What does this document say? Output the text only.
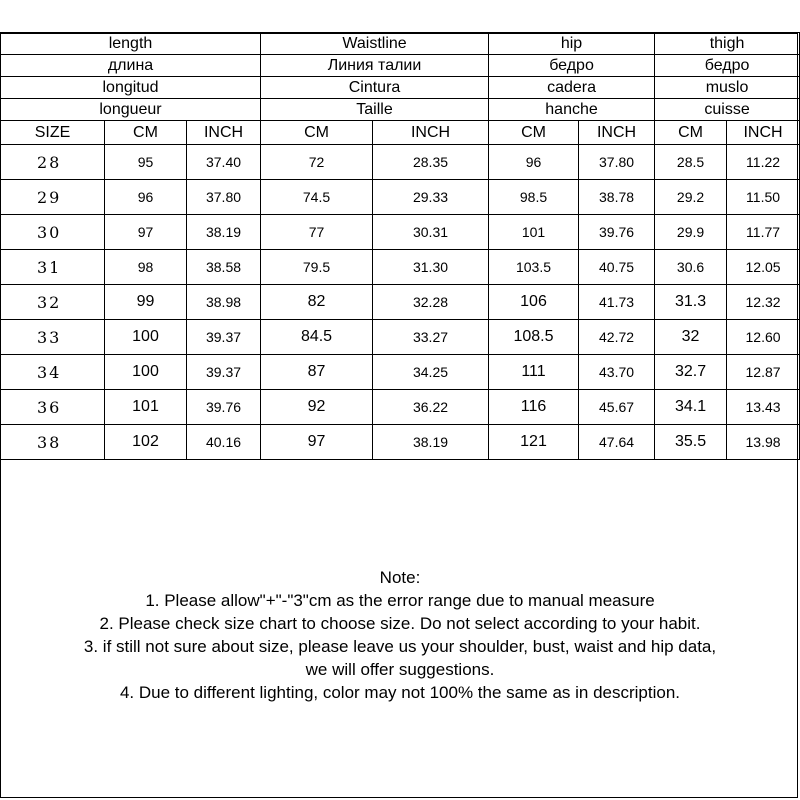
length			Waistline		hip		thigh	
длина			Линия талии		бедро		бедро	
longitud			Cintura		cadera		muslo	
longueur			Taille		hanche		cuisse	
SIZE	CM	INCH	CM	INCH	CM	INCH	CM	INCH
28	95	37.40	72	28.35	96	37.80	28.5	11.22
29	96	37.80	74.5	29.33	98.5	38.78	29.2	11.50
30	97	38.19	77	30.31	101	39.76	29.9	11.77
31	98	38.58	79.5	31.30	103.5	40.75	30.6	12.05
32	99	38.98	82	32.28	106	41.73	31.3	12.32
33	100	39.37	84.5	33.27	108.5	42.72	32	12.60
34	100	39.37	87	34.25	111	43.70	32.7	12.87
36	101	39.76	92	36.22	116	45.67	34.1	13.43
38	102	40.16	97	38.19	121	47.64	35.5	13.98
Note:
1. Please allow"+"-"3"cm as the error range due to manual measure
2. Please check size chart to choose size. Do not select according to your habit.
3. if still not sure about size, please leave us your shoulder, bust, waist and hip data,
we will offer suggestions.
4. Due to different lighting, color may not 100% the same as in description.
